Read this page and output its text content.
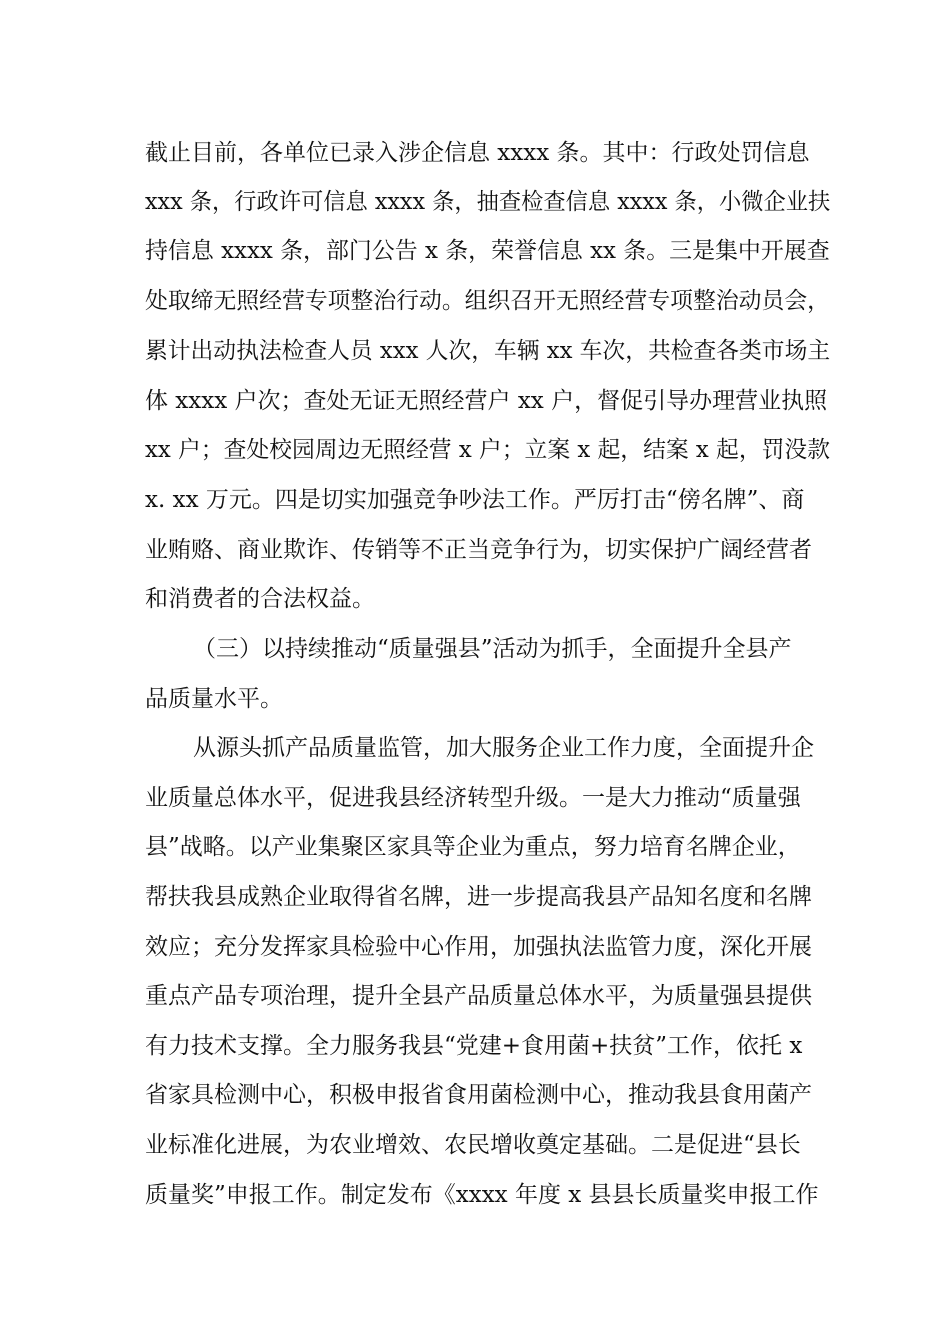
截止目前，各单位已录入涉企信息 xxxx 条。其中：行政处罚信息
xxx 条，行政许可信息 xxxx 条，抽查检查信息 xxxx 条，小微企业扶
持信息 xxxx 条，部门公告 x 条，荣誉信息 xx 条。三是集中开展查
处取缔无照经营专项整治行动。组织召开无照经营专项整治动员会，
累计出动执法检查人员 xxx 人次，车辆 xx 车次，共检查各类市场主
体 xxxx 户次；查处无证无照经营户 xx 户，督促引导办理营业执照
xx 户；查处校园周边无照经营 x 户；立案 x 起，结案 x 起，罚没款
x. xx 万元。四是切实加强竞争吵法工作。严厉打击“傍名牌”、商
业贿赂、商业欺诈、传销等不正当竞争行为，切实保护广阔经营者
和消费者的合法权益。
（三）以持续推动“质量强县”活动为抓手，全面提升全县产
品质量水平。
从源头抓产品质量监管，加大服务企业工作力度，全面提升企
业质量总体水平，促进我县经济转型升级。一是大力推动“质量强
县”战略。以产业集聚区家具等企业为重点，努力培育名牌企业，
帮扶我县成熟企业取得省名牌，进一步提高我县产品知名度和名牌
效应；充分发挥家具检验中心作用，加强执法监管力度，深化开展
重点产品专项治理，提升全县产品质量总体水平，为质量强县提供
有力技术支撑。全力服务我县“党建+食用菌+扶贫”工作，依托 x
省家具检测中心，积极申报省食用菌检测中心，推动我县食用菌产
业标准化进展，为农业增效、农民增收奠定基础。二是促进“县长
质量奖”申报工作。制定发布《xxxx 年度 x 县县长质量奖申报工作
